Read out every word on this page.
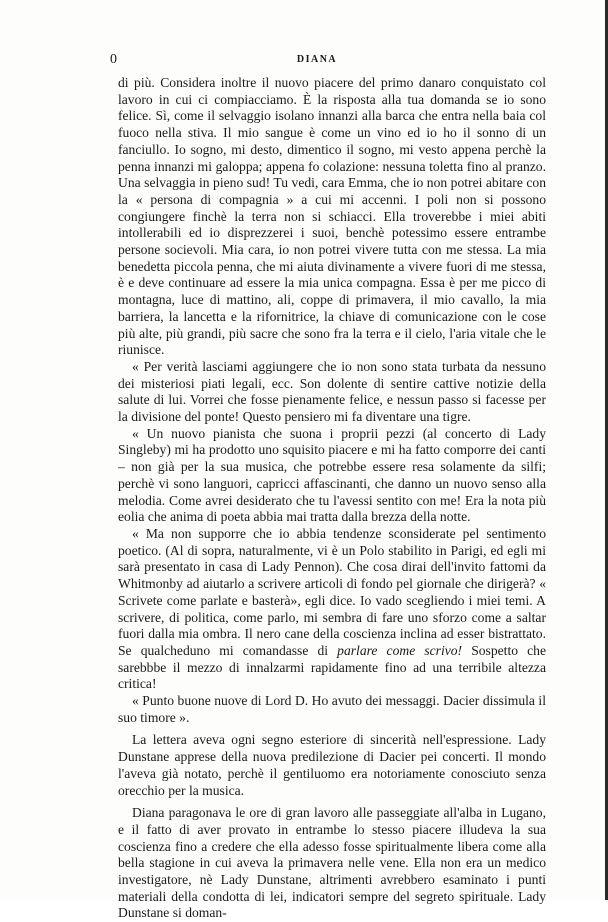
0	DIANA

di più. Considera inoltre il nuovo piacere del primo danaro conquistato col lavoro in cui ci compiacciamo. È la risposta alla tua domanda se io sono felice. Sì, come il selvaggio isolano innanzi alla barca che entra nella baia col fuoco nella stiva. Il mio sangue è come un vino ed io ho il sonno di un fanciullo. Io sogno, mi desto, dimentico il sogno, mi vesto appena perchè la penna innanzi mi galoppa; appena fo colazione: nessuna toletta fino al pranzo. Una selvaggia in pieno sud! Tu vedi, cara Emma, che io non potrei abitare con la « persona di compagnia » a cui mi accenni. I poli non si possono congiungere finchè la terra non si schiacci. Ella troverebbe i miei abiti intollerabili ed io disprezzerei i suoi, benchè potessimo essere entrambe persone socievoli. Mia cara, io non potrei vivere tutta con me stessa. La mia benedetta piccola penna, che mi aiuta divinamente a vivere fuori di me stessa, è e deve continuare ad essere la mia unica compagna. Essa è per me picco di montagna, luce di mattino, ali, coppe di primavera, il mio cavallo, la mia barriera, la lancetta e la rifornitrice, la chiave di comunicazione con le cose più alte, più grandi, più sacre che sono fra la terra e il cielo, l'aria vitale che le riunisce.

« Per verità lasciami aggiungere che io non sono stata turbata da nessuno dei misteriosi piati legali, ecc. Son dolente di sentire cattive notizie della salute di lui. Vorrei che fosse pienamente felice, e nessun passo si facesse per la divisione del ponte! Questo pensiero mi fa diventare una tigre.

« Un nuovo pianista che suona i proprii pezzi (al concerto di Lady Singleby) mi ha prodotto uno squisito piacere e mi ha fatto comporre dei canti – non già per la sua musica, che potrebbe essere resa solamente da silfi; perchè vi sono languori, capricci affascinanti, che danno un nuovo senso alla melodia. Come avrei desiderato che tu l'avessi sentito con me! Era la nota più eolia che anima di poeta abbia mai tratta dalla brezza della notte.

« Ma non supporre che io abbia tendenze sconsiderate pel sentimento poetico. (Al di sopra, naturalmente, vi è un Polo stabilito in Parigi, ed egli mi sarà presentato in casa di Lady Pennon). Che cosa dirai dell'invito fattomi da Whitmonby ad aiutarlo a scrivere articoli di fondo pel giornale che dirigerà? « Scrivete come parlate e basterà», egli dice. Io vado scegliendo i miei temi. A scrivere, di politica, come parlo, mi sembra di fare uno sforzo come a saltar fuori dalla mia ombra. Il nero cane della coscienza inclina ad esser bistrattato. Se qualcheduno mi comandasse di parlare come scrivo! Sospetto che sarebbbe il mezzo di innalzarmi rapidamente fino ad una terribile altezza critica!

« Punto buone nuove di Lord D. Ho avuto dei messaggi. Dacier dissimula il suo timore ».

La lettera aveva ogni segno esteriore di sincerità nell'espressione. Lady Dunstane apprese della nuova predilezione di Dacier pei concerti. Il mondo l'aveva già notato, perchè il gentiluomo era notoriamente conosciuto senza orecchio per la musica.

Diana paragonava le ore di gran lavoro alle passeggiate all'alba in Lugano, e il fatto di aver provato in entrambe lo stesso piacere illudeva la sua coscienza fino a credere che ella adesso fosse spiritualmente libera come alla bella stagione in cui aveva la primavera nelle vene. Ella non era un medico investigatore, nè Lady Dunstane, altrimenti avrebbero esaminato i punti materiali della condotta di lei, indicatori sempre del segreto spirituale. Lady Dunstane si doman-
